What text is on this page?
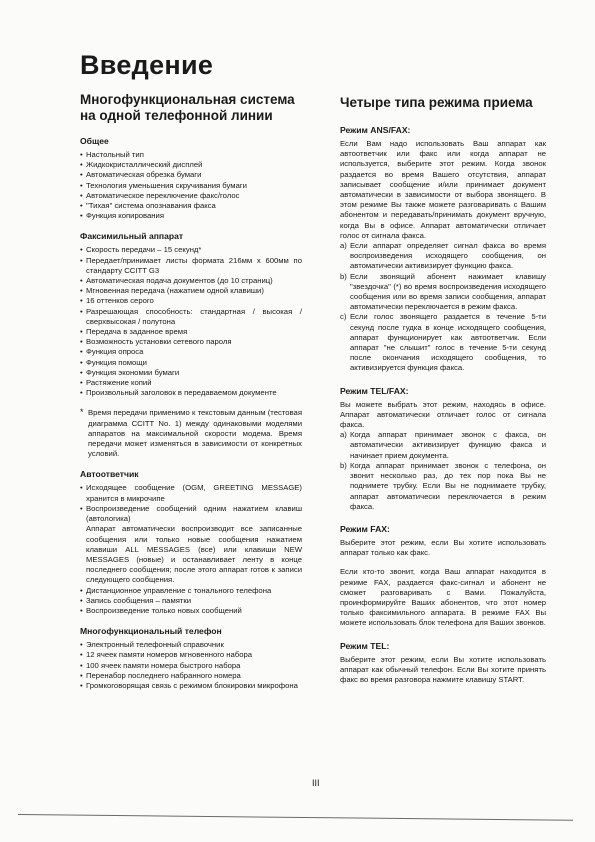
Введение
Многофункциональная система на одной телефонной линии
Общее
• Настольный тип
• Жидкокристаллический дисплей
• Автоматическая обрезка бумаги
• Технология уменьшения скручивания бумаги
• Автоматическое переключение факс/голос
• "Тихая" система опознавания факса
• Функция копирования
Факсимильный аппарат
• Скорость передачи – 15 секунд*
• Передает/принимает листы формата 216мм x 600мм по стандарту CCITT G3
• Автоматическая подача документов (до 10 страниц)
• Мгновенная передача (нажатием одной клавиши)
• 16 оттенков серого
• Разрешающая способность: стандартная / высокая / сверхвысокая / полутона
• Передача в заданное время
• Возможность установки сетевого пароля
• Функция опроса
• Функция помощи
• Функция экономии бумаги
• Растяжение копий
• Произвольный заголовок в передаваемом документе
* Время передачи применимо к текстовым данным (тестовая диаграмма CCITT No. 1) между одинаковыми моделями аппаратов на максимальной скорости модема. Время передачи может изменяться в зависимости от конкретных условий.

Автоответчик
• Исходящее сообщение (OGM, GREETING MESSAGE) хранится в микрочипе
• Воспроизведение сообщений одним нажатием клавиш (автологика)

Аппарат автоматически воспроизводит все записанные сообщения или только новые сообщения нажатием клавиши ALL MESSAGES (все) или клавиши NEW MESSAGES (новые) и останавливает ленту в конце последнего сообщения; после этого аппарат готов к записи следующего сообщения.

• Дистанционное управление с тонального телефона
• Запись сообщения – памятки
• Воспроизведение только новых сообщений
Многофункциональный телефон
• Электронный телефонный справочник
• 12 ячеек памяти номеров мгновенного набора
• 100 ячеек памяти номера быстрого набора
• Перенабор последнего набранного номера
• Громкоговорящая связь с режимом блокировки микрофона
Четыре типа режима приема
Режим ANS/FAX:

Если Вам надо использовать Ваш аппарат как автоответчик или факс или когда аппарат не используется, выберите этот режим. Когда звонок раздается во время Вашего отсутствия, аппарат записывает сообщение и/или принимает документ автоматически в зависимости от выбора звонящего. В этом режиме Вы также можете разговаривать с Вашим абонентом и передавать/принимать документ вручную, когда Вы в офисе. Аппарат автоматически отличает голос от сигнала факса.

a) Если аппарат определяет сигнал факса во время воспроизведения исходящего сообщения, он автоматически активизирует функцию факса.
b) Если звонящий абонент нажимает клавишу "звездочка" (*) во время воспроизведения исходящего сообщения или во время записи сообщения, аппарат автоматически переключается в режим факса.
c) Если голос звонящего раздается в течение 5-ти секунд после гудка в конце исходящего сообщения, аппарат функционирует как автоответчик. Если аппарат "не слышит" голос в течение 5-ти секунд после окончания исходящего сообщения, то активизируется функция факса.
Режим TEL/FAX:

Вы можете выбрать этот режим, находясь в офисе. Аппарат автоматически отличает голос от сигнала факса.

a) Когда аппарат принимает звонок с факса, он автоматически активизирует функцию факса и начинает прием документа.
b) Когда аппарат принимает звонок с телефона, он звонит несколько раз, до тех пор пока Вы не поднимете трубку. Если Вы не поднимаете трубку, аппарат автоматически переключается в режим факса.
Режим FAX:

Выберите этот режим, если Вы хотите использовать аппарат только как факс.

Если кто-то звонит, когда Ваш аппарат находится в режиме FAX, раздается факс-сигнал и абонент не сможет разговаривать с Вами. Пожалуйста, проинформируйте Ваших абонентов, что этот номер только факсимильного аппарата. В режиме FAX Вы можете использовать блок телефона для Ваших звонков.

Режим TEL:

Выберите этот режим, если Вы хотите использовать аппарат как обычный телефон. Если Вы хотите принять факс во время разговора нажмите клавишу START.

III
